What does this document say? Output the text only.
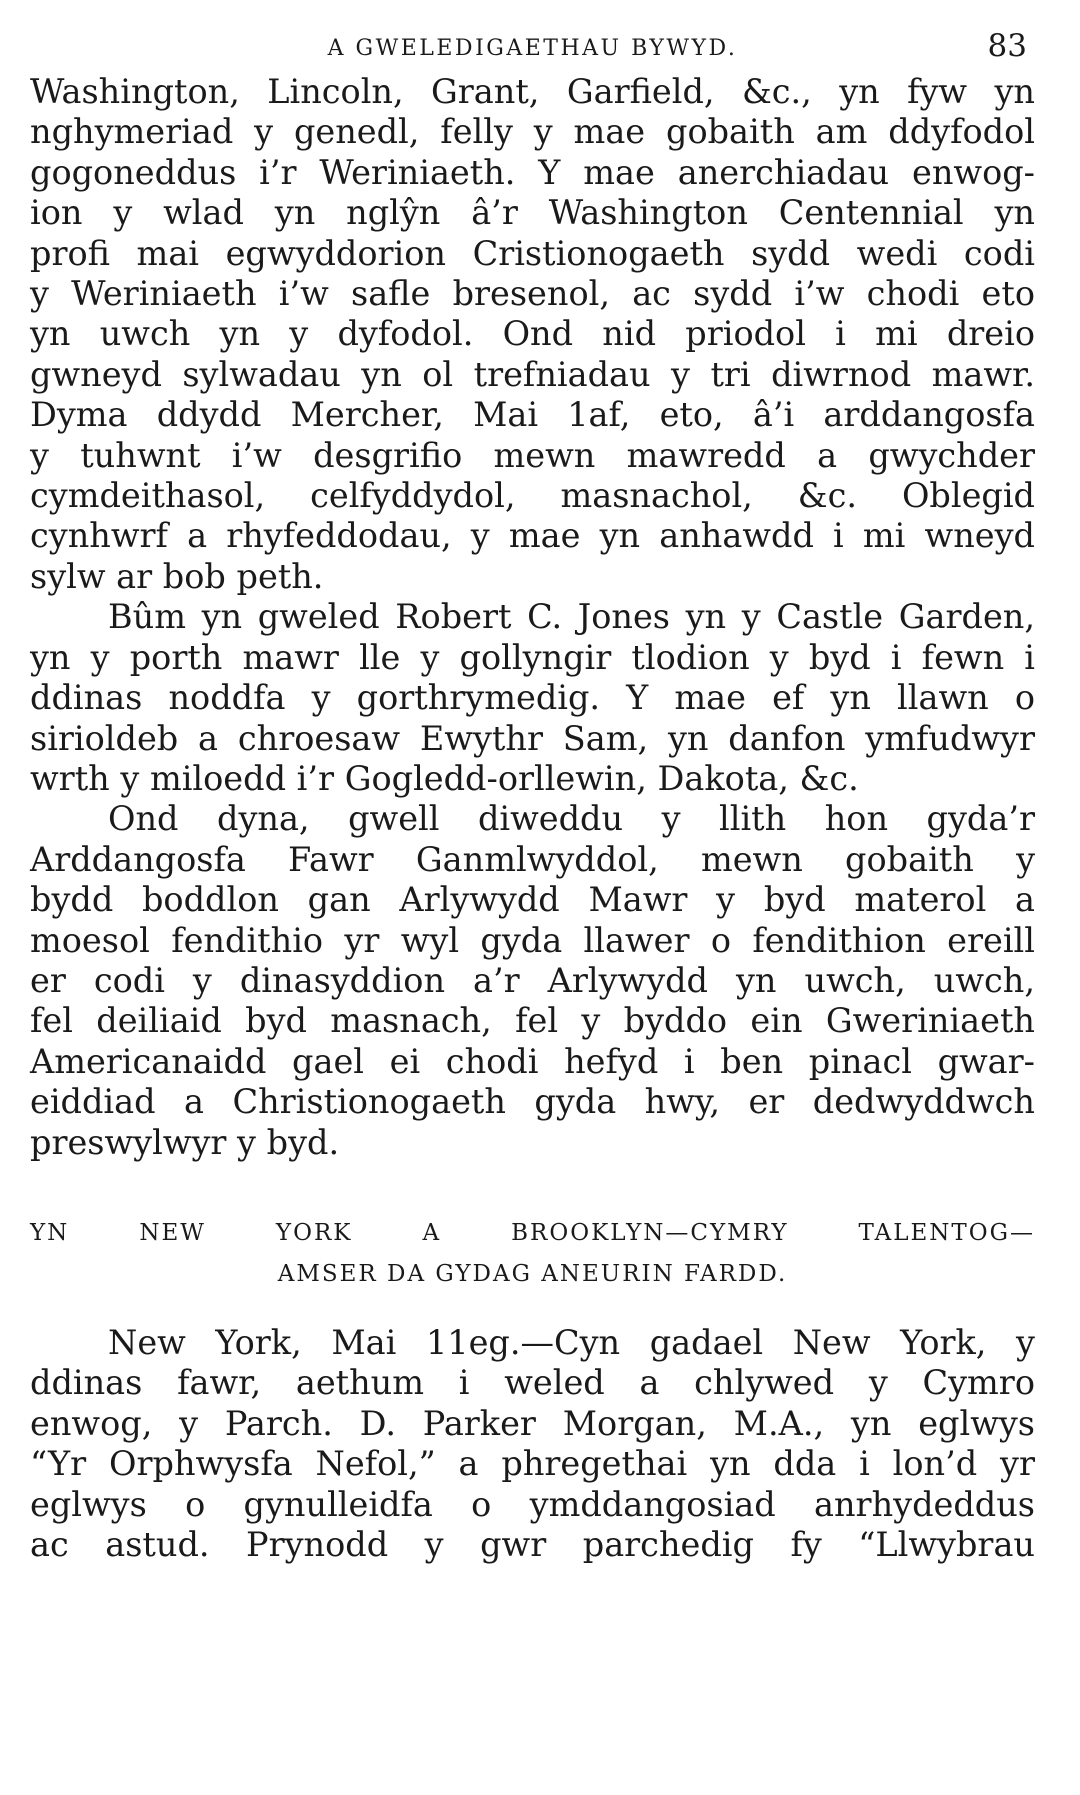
A GWELEDIGAETHAU BYWYD.	83

Washington, Lincoln, Grant, Garfield, &c., yn fyw yn
nghymeriad y genedl, felly y mae gobaith am ddyfodol
gogoneddus i’r Weriniaeth. Y mae anerchiadau enwog-
ion y wlad yn nglŷn â’r Washington Centennial yn
profi mai egwyddorion Cristionogaeth sydd wedi codi
y Weriniaeth i’w safle bresenol, ac sydd i’w chodi eto
yn uwch yn y dyfodol. Ond nid priodol i mi dreio
gwneyd sylwadau yn ol trefniadau y tri diwrnod mawr.
Dyma ddydd Mercher, Mai 1af, eto, â’i arddangosfa
y tuhwnt i’w desgrifio mewn mawredd a gwychder
cymdeithasol, celfyddydol, masnachol, &c. Oblegid
cynhwrf a rhyfeddodau, y mae yn anhawdd i mi wneyd
sylw ar bob peth.

Bûm yn gweled Robert C. Jones yn y Castle Garden,
yn y porth mawr lle y gollyngir tlodion y byd i fewn i
ddinas noddfa y gorthrymedig. Y mae ef yn llawn o
sirioldeb a chroesaw Ewythr Sam, yn danfon ymfudwyr
wrth y miloedd i’r Gogledd-orllewin, Dakota, &c.

Ond dyna, gwell diweddu y llith hon gyda’r
Arddangosfa Fawr Ganmlwyddol, mewn gobaith y
bydd boddlon gan Arlywydd Mawr y byd materol a
moesol fendithio yr wyl gyda llawer o fendithion ereill
er codi y dinasyddion a’r Arlywydd yn uwch, uwch,
fel deiliaid byd masnach, fel y byddo ein Gweriniaeth
Americanaidd gael ei chodi hefyd i ben pinacl gwar-
eiddiad a Christionogaeth gyda hwy, er dedwyddwch
preswylwyr y byd.

YN NEW YORK A BROOKLYN—CYMRY TALENTOG—
AMSER DA GYDAG ANEURIN FARDD.

New York, Mai 11eg.—Cyn gadael New York, y
ddinas fawr, aethum i weled a chlywed y Cymro
enwog, y Parch. D. Parker Morgan, M.A., yn eglwys
“Yr Orphwysfa Nefol,” a phregethai yn dda i lon’d yr
eglwys o gynulleidfa o ymddangosiad anrhydeddus
ac astud. Prynodd y gwr parchedig fy “Llwybrau
